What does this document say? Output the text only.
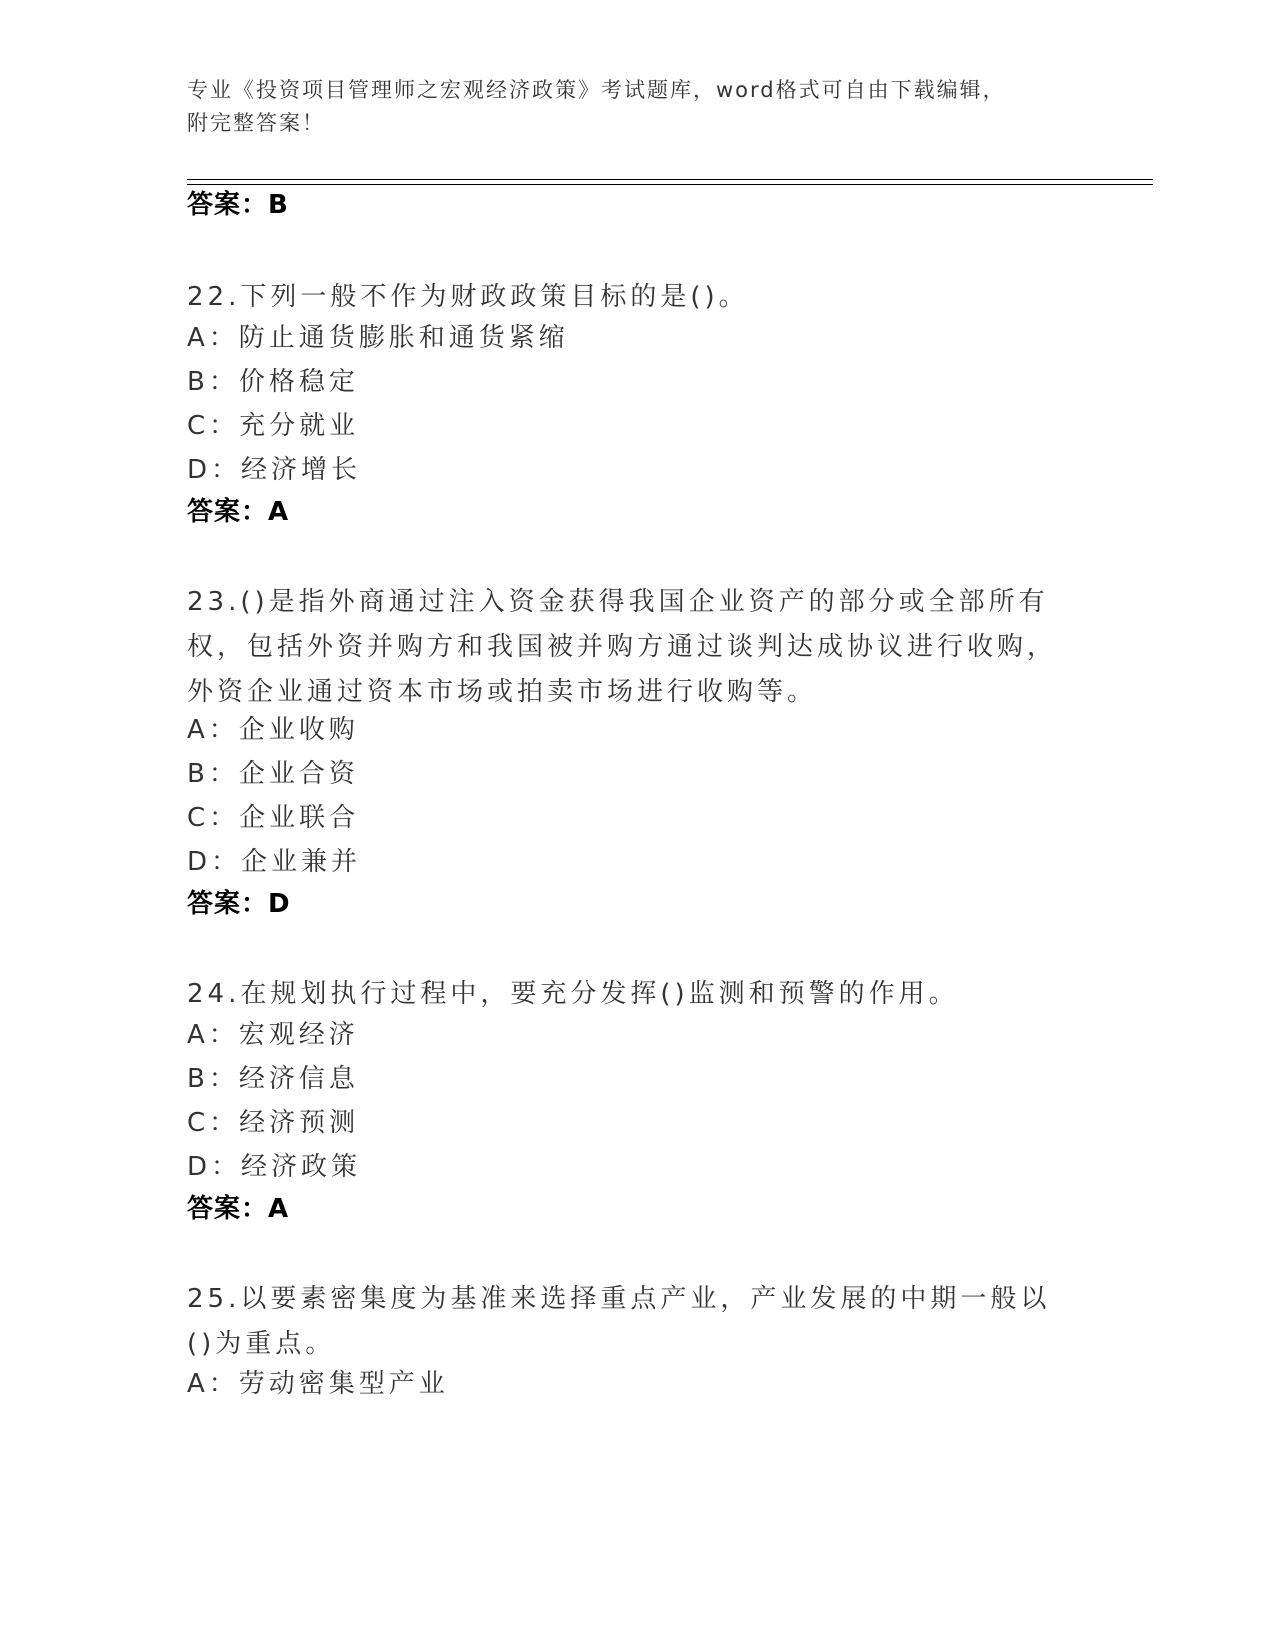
专业《投资项目管理师之宏观经济政策》考试题库，word格式可自由下载编辑，
附完整答案！
答案：B
22.下列一般不作为财政政策目标的是()。
A：防止通货膨胀和通货紧缩
B：价格稳定
C：充分就业
D：经济增长
答案：A
23.()是指外商通过注入资金获得我国企业资产的部分或全部所有权，包括外资并购方和我国被并购方通过谈判达成协议进行收购，外资企业通过资本市场或拍卖市场进行收购等。
A：企业收购
B：企业合资
C：企业联合
D：企业兼并
答案：D
24.在规划执行过程中，要充分发挥()监测和预警的作用。
A：宏观经济
B：经济信息
C：经济预测
D：经济政策
答案：A
25.以要素密集度为基准来选择重点产业，产业发展的中期一般以()为重点。
A：劳动密集型产业
